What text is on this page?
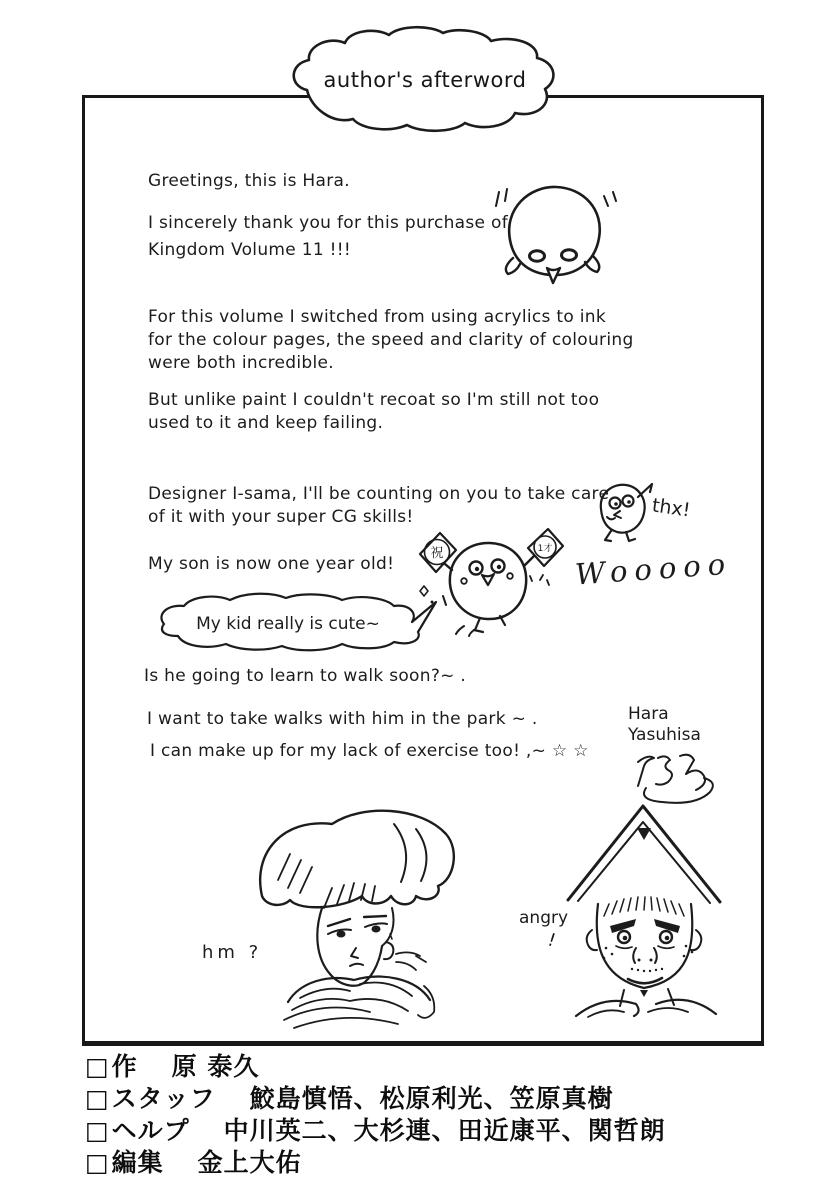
author's afterword
Greetings, this is Hara.
I sincerely thank you for this purchase of
Kingdom Volume 11 !!!
For this volume I switched from using acrylics to ink
for the colour pages, the speed and clarity of colouring
were both incredible.
But unlike paint I couldn't recoat so I'm still not too
used to it and keep failing.
Designer I-sama, I'll be counting on you to take care
of it with your super CG skills!
My son is now one year old!
Is he going to learn to walk soon?~ .
I want to take walks with him in the park ~ .
I can make up for my lack of exercise too! ,~ ☆ ☆
thx!
祝	1才 Wooooo
My kid really is cute~
Hara
Yasuhisa
hm ?
angry
!
□ 作 原 泰久
□ スタッフ 鮫島慎悟、松原利光、笠原真樹
□ ヘルプ 中川英二、大杉連、田近康平、関哲朗
□ 編集 金上大佑
